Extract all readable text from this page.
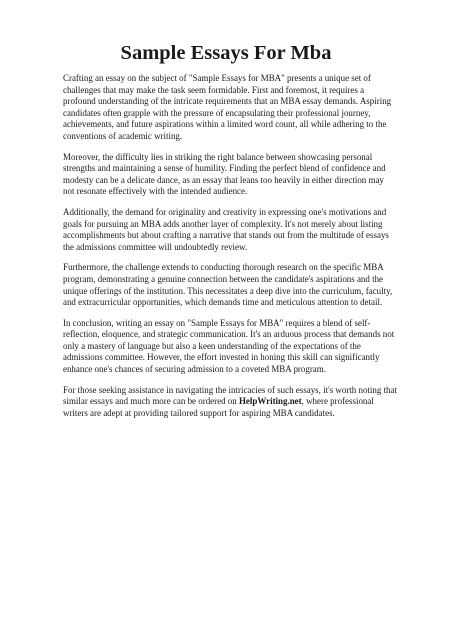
Sample Essays For Mba

Crafting an essay on the subject of "Sample Essays for MBA" presents a unique set of challenges that may make the task seem formidable. First and foremost, it requires a profound understanding of the intricate requirements that an MBA essay demands. Aspiring candidates often grapple with the pressure of encapsulating their professional journey, achievements, and future aspirations within a limited word count, all while adhering to the conventions of academic writing.

Moreover, the difficulty lies in striking the right balance between showcasing personal strengths and maintaining a sense of humility. Finding the perfect blend of confidence and modesty can be a delicate dance, as an essay that leans too heavily in either direction may not resonate effectively with the intended audience.

Additionally, the demand for originality and creativity in expressing one's motivations and goals for pursuing an MBA adds another layer of complexity. It's not merely about listing accomplishments but about crafting a narrative that stands out from the multitude of essays the admissions committee will undoubtedly review.

Furthermore, the challenge extends to conducting thorough research on the specific MBA program, demonstrating a genuine connection between the candidate's aspirations and the unique offerings of the institution. This necessitates a deep dive into the curriculum, faculty, and extracurricular opportunities, which demands time and meticulous attention to detail.

In conclusion, writing an essay on "Sample Essays for MBA" requires a blend of self-reflection, eloquence, and strategic communication. It's an arduous process that demands not only a mastery of language but also a keen understanding of the expectations of the admissions committee. However, the effort invested in honing this skill can significantly enhance one's chances of securing admission to a coveted MBA program.

For those seeking assistance in navigating the intricacies of such essays, it's worth noting that similar essays and much more can be ordered on HelpWriting.net, where professional writers are adept at providing tailored support for aspiring MBA candidates.
